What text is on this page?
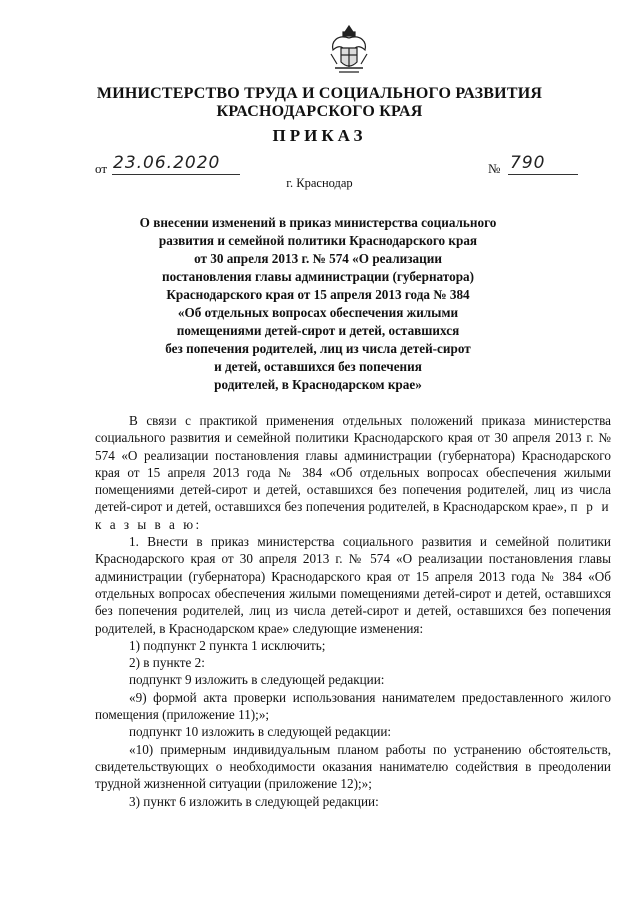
МИНИСТЕРСТВО ТРУДА И СОЦИАЛЬНОГО РАЗВИТИЯ
КРАСНОДАРСКОГО КРАЯ
ПРИКАЗ
от 23.06.2020	№ 790
г. Краснодар
О внесении изменений в приказ министерства социального
развития и семейной политики Краснодарского края
от 30 апреля 2013 г. № 574 «О реализации
постановления главы администрации (губернатора)
Краснодарского края от 15 апреля 2013 года № 384
«Об отдельных вопросах обеспечения жилыми
помещениями детей-сирот и детей, оставшихся
без попечения родителей, лиц из числа детей-сирот
и детей, оставшихся без попечения
родителей, в Краснодарском крае»

В связи с практикой применения отдельных положений приказа министерства социального развития и семейной политики Краснодарского края от 30 апреля 2013 г. № 574 «О реализации постановления главы администрации (губернатора) Краснодарского края от 15 апреля 2013 года № 384 «Об отдельных вопросах обеспечения жилыми помещениями детей-сирот и детей, оставшихся без попечения родителей, лиц из числа детей-сирот и детей, оставшихся без попечения родителей, в Краснодарском крае», п р и к а з ы в а ю:

1. Внести в приказ министерства социального развития и семейной политики Краснодарского края от 30 апреля 2013 г. № 574 «О реализации постановления главы администрации (губернатора) Краснодарского края от 15 апреля 2013 года № 384 «Об отдельных вопросах обеспечения жилыми помещениями детей-сирот и детей, оставшихся без попечения родителей, лиц из числа детей-сирот и детей, оставшихся без попечения родителей, в Краснодарском крае» следующие изменения:

1) подпункт 2 пункта 1 исключить;

2) в пункте 2:

подпункт 9 изложить в следующей редакции:

«9) формой акта проверки использования нанимателем предоставленного жилого помещения (приложение 11);»;

подпункт 10 изложить в следующей редакции:

«10) примерным индивидуальным планом работы по устранению обстоятельств, свидетельствующих о необходимости оказания нанимателю содействия в преодолении трудной жизненной ситуации (приложение 12);»;

3) пункт 6 изложить в следующей редакции:
